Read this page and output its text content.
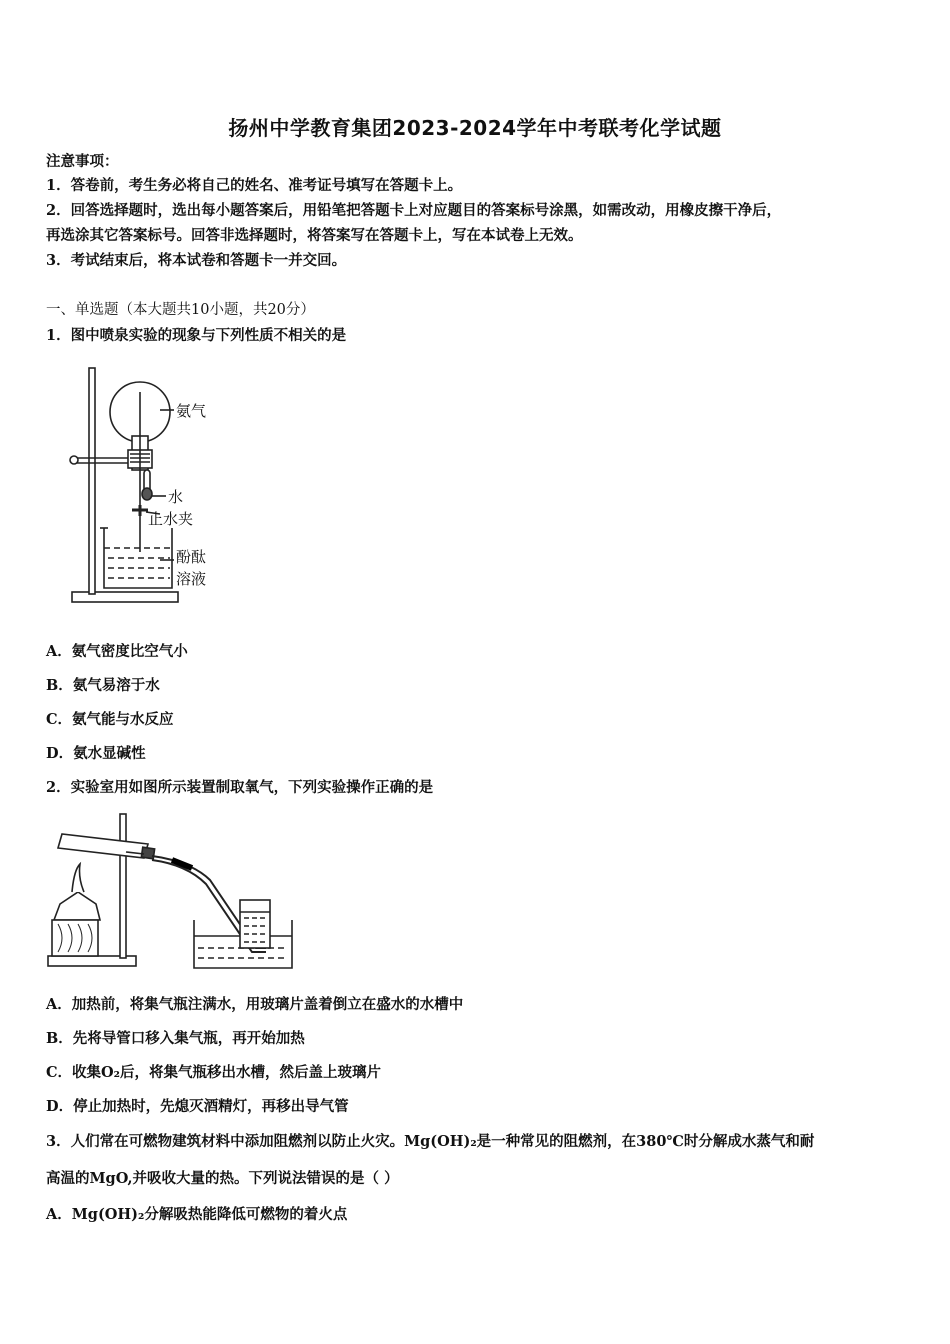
扬州中学教育集团2023-2024学年中考联考化学试题
注意事项：
1．答卷前，考生务必将自己的姓名、准考证号填写在答题卡上。
2．回答选择题时，选出每小题答案后，用铅笔把答题卡上对应题目的答案标号涂黑，如需改动，用橡皮擦干净后，
再选涂其它答案标号。回答非选择题时，将答案写在答题卡上，写在本试卷上无效。
3．考试结束后，将本试卷和答题卡一并交回。
一、单选题（本大题共10小题，共20分）
1．图中喷泉实验的现象与下列性质不相关的是
氨气
水
止水夹
酚酞
溶液
A．氨气密度比空气小
B．氨气易溶于水
C．氨气能与水反应
D．氨水显碱性
2．实验室用如图所示装置制取氧气，下列实验操作正确的是
A．加热前，将集气瓶注满水，用玻璃片盖着倒立在盛水的水槽中
B．先将导管口移入集气瓶，再开始加热
C．收集O₂后，将集气瓶移出水槽，然后盖上玻璃片
D．停止加热时，先熄灭酒精灯，再移出导气管
3．人们常在可燃物建筑材料中添加阻燃剂以防止火灾。Mg(OH)₂是一种常见的阻燃剂，在380℃时分解成水蒸气和耐
高温的MgO,并吸收大量的热。下列说法错误的是（ ）
A．Mg(OH)₂分解吸热能降低可燃物的着火点
